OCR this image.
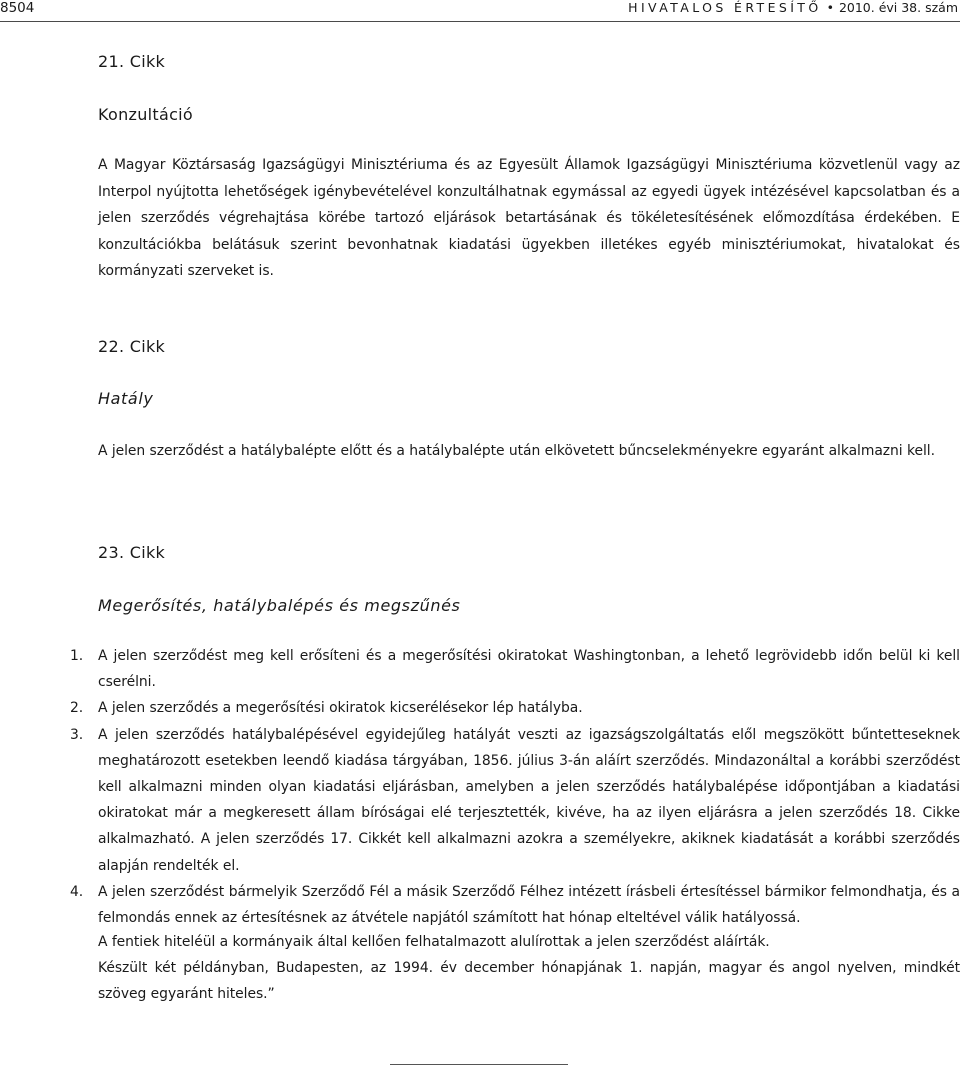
8504	HIVATALOS ÉRTESÍTŐ • 2010. évi 38. szám
21. Cikk
Konzultáció

A Magyar Köztársaság Igazságügyi Minisztériuma és az Egyesült Államok Igazságügyi Minisztériuma közvetlenül vagy az Interpol nyújtotta lehetőségek igénybevételével konzultálhatnak egymással az egyedi ügyek intézésével kapcsolatban és a jelen szerződés végrehajtása körébe tartozó eljárások betartásának és tökéletesítésének előmozdítása érdekében. E konzultációkba belátásuk szerint bevonhatnak kiadatási ügyekben illetékes egyéb minisztériumokat, hivatalokat és kormányzati szerveket is.

22. Cikk
Hatály

A jelen szerződést a hatálybalépte előtt és a hatálybalépte után elkövetett bűncselekményekre egyaránt alkalmazni kell.

23. Cikk
Megerősítés, hatálybalépés és megszűnés
1.	A jelen szerződést meg kell erősíteni és a megerősítési okiratokat Washingtonban, a lehető legrövidebb időn belül ki kell cserélni.
2.	A jelen szerződés a megerősítési okiratok kicserélésekor lép hatályba.
3.	A jelen szerződés hatálybalépésével egyidejűleg hatályát veszti az igazságszolgáltatás elől megszökött bűntetteseknek meghatározott esetekben leendő kiadása tárgyában, 1856. július 3-án aláírt szerződés. Mindazonáltal a korábbi szerződést kell alkalmazni minden olyan kiadatási eljárásban, amelyben a jelen szerződés hatálybalépése időpontjában a kiadatási okiratokat már a megkeresett állam bíróságai elé terjesztették, kivéve, ha az ilyen eljárásra a jelen szerződés 18. Cikke alkalmazható. A jelen szerződés 17. Cikkét kell alkalmazni azokra a személyekre, akiknek kiadatását a korábbi szerződés alapján rendelték el.
4.	A jelen szerződést bármelyik Szerződő Fél a másik Szerződő Félhez intézett írásbeli értesítéssel bármikor felmondhatja, és a felmondás ennek az értesítésnek az átvétele napjától számított hat hónap elteltével válik hatályossá.

A fentiek hiteléül a kormányaik által kellően felhatalmazott alulírottak a jelen szerződést aláírták.

Készült két példányban, Budapesten, az 1994. év december hónapjának 1. napján, magyar és angol nyelven, mindkét szöveg egyaránt hiteles.”
